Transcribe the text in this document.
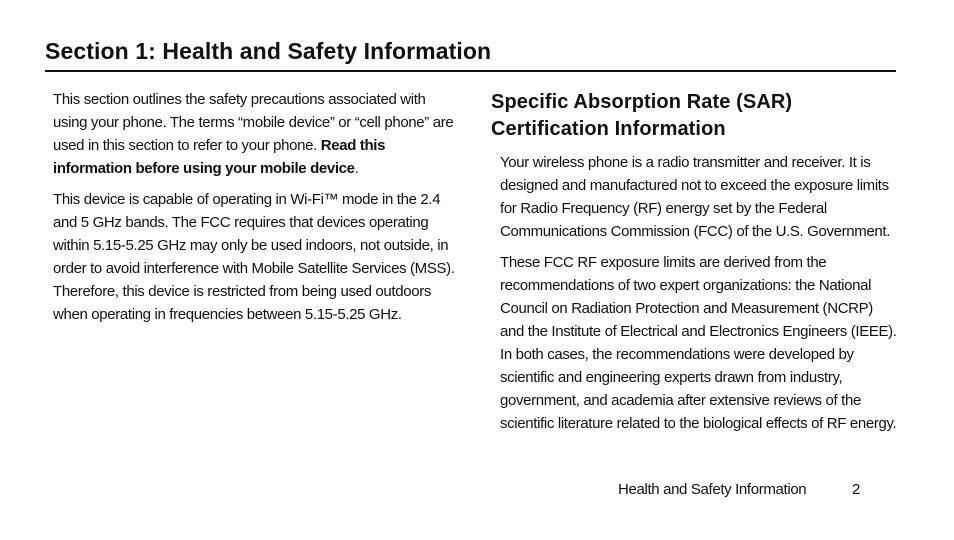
Section 1: Health and Safety Information

This section outlines the safety precautions associated with using your phone. The terms “mobile device” or “cell phone” are used in this section to refer to your phone. Read this information before using your mobile device.

This device is capable of operating in Wi-Fi™ mode in the 2.4 and 5 GHz bands. The FCC requires that devices operating within 5.15-5.25 GHz may only be used indoors, not outside, in order to avoid interference with Mobile Satellite Services (MSS). Therefore, this device is restricted from being used outdoors when operating in frequencies between 5.15-5.25 GHz.

Specific Absorption Rate (SAR) Certification Information

Your wireless phone is a radio transmitter and receiver. It is designed and manufactured not to exceed the exposure limits for Radio Frequency (RF) energy set by the Federal Communications Commission (FCC) of the U.S. Government.

These FCC RF exposure limits are derived from the recommendations of two expert organizations: the National Council on Radiation Protection and Measurement (NCRP) and the Institute of Electrical and Electronics Engineers (IEEE). In both cases, the recommendations were developed by scientific and engineering experts drawn from industry, government, and academia after extensive reviews of the scientific literature related to the biological effects of RF energy.

Health and Safety Information	2
